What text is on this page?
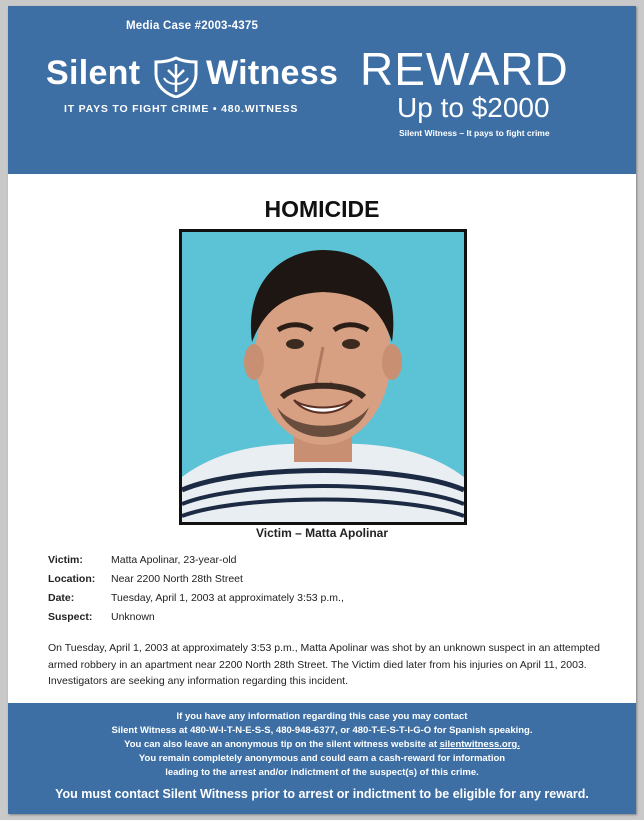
Media Case #2003-4375
Silent Witness
IT PAYS TO FIGHT CRIME • 480.WITNESS
REWARD
Up to $2000
Silent Witness – It pays to fight crime
HOMICIDE
Victim – Matta Apolinar
Victim:	Matta Apolinar, 23-year-old
Location: Near 2200 North 28th Street
Date:	Tuesday, April 1, 2003 at approximately 3:53 p.m.,
Suspect: Unknown
On Tuesday, April 1, 2003 at approximately 3:53 p.m., Matta Apolinar was shot by an unknown suspect in an attempted armed robbery in an apartment near 2200 North 28th Street. The Victim died later from his injuries on April 11, 2003. Investigators are seeking any information regarding this incident.
If you have any information regarding this case you may contact
Silent Witness at 480-W-I-T-N-E-S-S, 480-948-6377, or 480-T-E-S-T-I-G-O for Spanish speaking.
You can also leave an anonymous tip on the silent witness website at silentwitness.org.
You remain completely anonymous and could earn a cash-reward for information
leading to the arrest and/or indictment of the suspect(s) of this crime.
You must contact Silent Witness prior to arrest or indictment to be eligible for any reward.
